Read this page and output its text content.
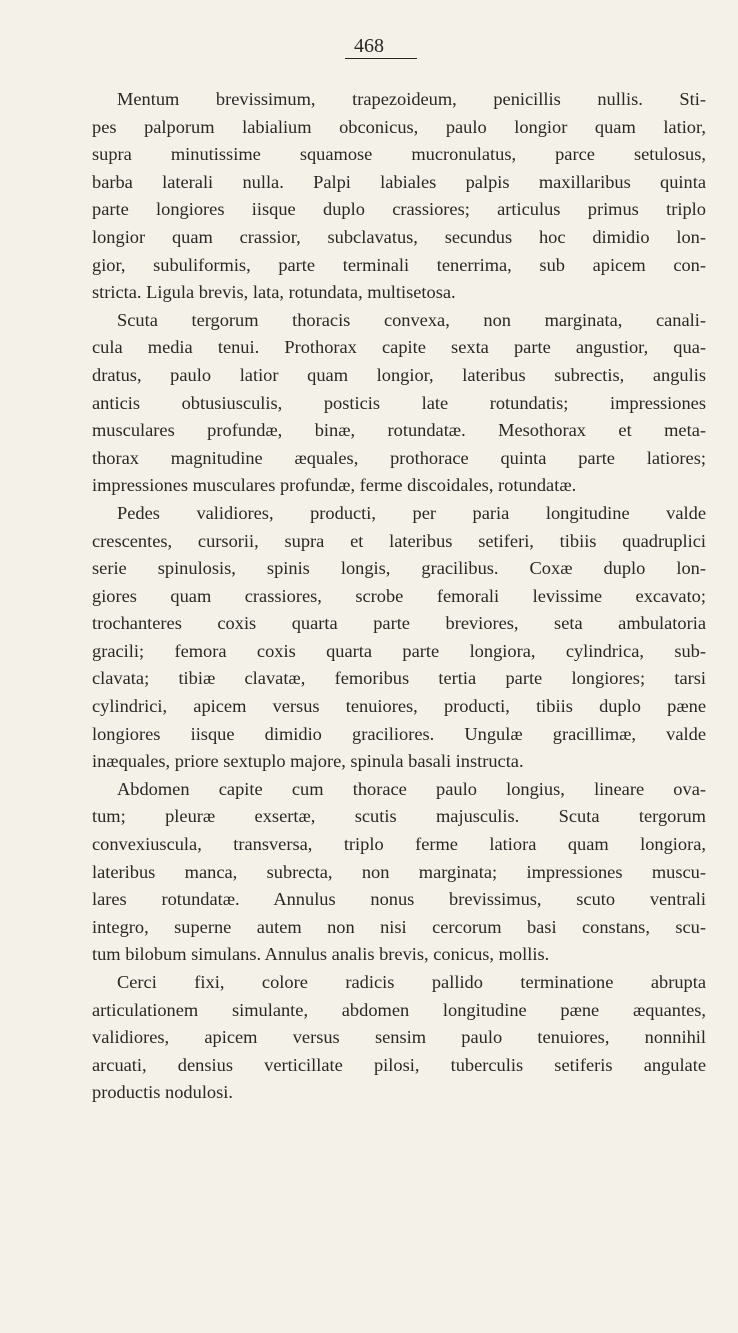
468
Mentum brevissimum, trapezoideum, penicillis nullis. Sti-
pes palporum labialium obconicus, paulo longior quam latior,
supra minutissime squamose mucronulatus, parce setulosus,
barba laterali nulla. Palpi labiales palpis maxillaribus quinta
parte longiores iisque duplo crassiores; articulus primus triplo
longior quam crassior, subclavatus, secundus hoc dimidio lon-
gior, subuliformis, parte terminali tenerrima, sub apicem con-
stricta. Ligula brevis, lata, rotundata, multisetosa.
Scuta tergorum thoracis convexa, non marginata, canali-
cula media tenui. Prothorax capite sexta parte angustior, qua-
dratus, paulo latior quam longior, lateribus subrectis, angulis
anticis obtusiusculis, posticis late rotundatis; impressiones
musculares profundæ, binæ, rotundatæ. Mesothorax et meta-
thorax magnitudine æquales, prothorace quinta parte latiores;
impressiones musculares profundæ, ferme discoidales, rotundatæ.
Pedes validiores, producti, per paria longitudine valde
crescentes, cursorii, supra et lateribus setiferi, tibiis quadruplici
serie spinulosis, spinis longis, gracilibus. Coxæ duplo lon-
giores quam crassiores, scrobe femorali levissime excavato;
trochanteres coxis quarta parte breviores, seta ambulatoria
gracili; femora coxis quarta parte longiora, cylindrica, sub-
clavata; tibiæ clavatæ, femoribus tertia parte longiores; tarsi
cylindrici, apicem versus tenuiores, producti, tibiis duplo pæne
longiores iisque dimidio graciliores. Ungulæ gracillimæ, valde
inæquales, priore sextuplo majore, spinula basali instructa.
Abdomen capite cum thorace paulo longius, lineare ova-
tum; pleuræ exsertæ, scutis majusculis. Scuta tergorum
convexiuscula, transversa, triplo ferme latiora quam longiora,
lateribus manca, subrecta, non marginata; impressiones muscu-
lares rotundatæ. Annulus nonus brevissimus, scuto ventrali
integro, superne autem non nisi cercorum basi constans, scu-
tum bilobum simulans. Annulus analis brevis, conicus, mollis.
Cerci fixi, colore radicis pallido terminatione abrupta
articulationem simulante, abdomen longitudine pæne æquantes,
validiores, apicem versus sensim paulo tenuiores, nonnihil
arcuati, densius verticillate pilosi, tuberculis setiferis angulate
productis nodulosi.
